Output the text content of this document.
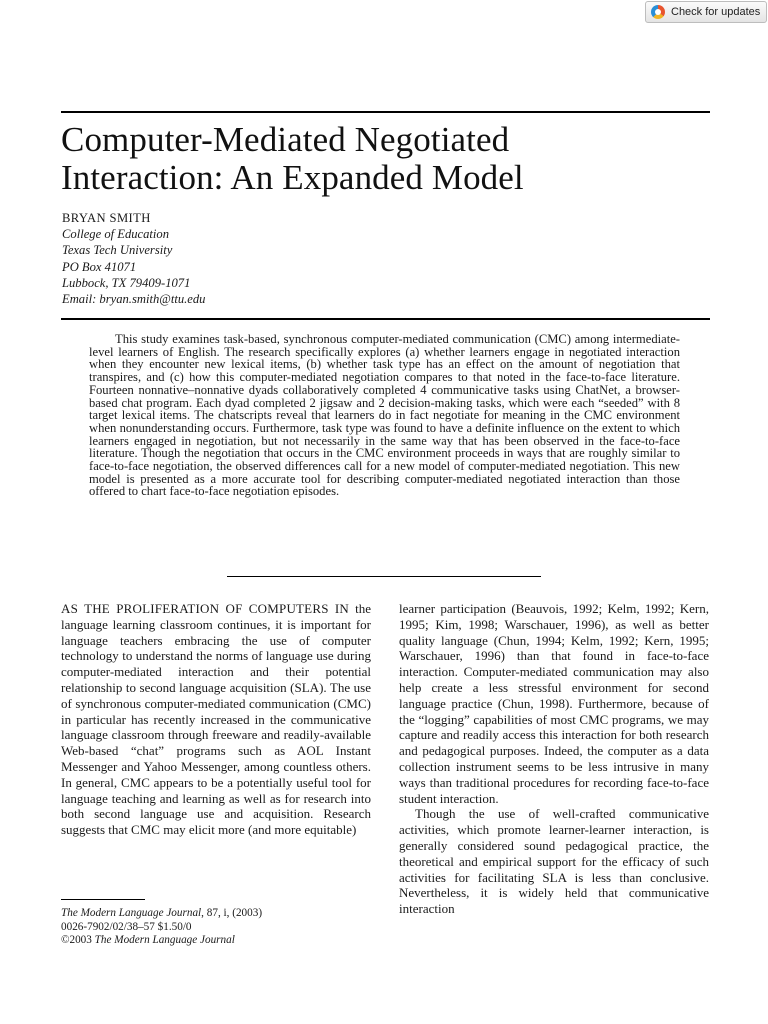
Check for updates
Computer-Mediated Negotiated
Interaction: An Expanded Model
BRYAN SMITH
College of Education
Texas Tech University
PO Box 41071
Lubbock, TX 79409-1071
Email: bryan.smith@ttu.edu

This study examines task-based, synchronous computer-mediated communication (CMC) among intermediate-level learners of English. The research specifically explores (a) whether learners engage in negotiated interaction when they encounter new lexical items, (b) whether task type has an effect on the amount of negotiation that transpires, and (c) how this computer-mediated negotiation compares to that noted in the face-to-face literature. Fourteen nonnative–nonnative dyads collaboratively completed 4 communicative tasks using ChatNet, a browser-based chat program. Each dyad completed 2 jigsaw and 2 decision-making tasks, which were each “seeded” with 8 target lexical items. The chatscripts reveal that learners do in fact negotiate for meaning in the CMC environment when nonunderstanding occurs. Furthermore, task type was found to have a definite influence on the extent to which learners engaged in negotiation, but not necessarily in the same way that has been observed in the face-to-face literature. Though the negotiation that occurs in the CMC environment proceeds in ways that are roughly similar to face-to-face negotiation, the observed differences call for a new model of computer-mediated negotiation. This new model is presented as a more accurate tool for describing computer-mediated negotiated interaction than those offered to chart face-to-face negotiation episodes.

AS THE PROLIFERATION OF COMPUTERS IN the language learning classroom continues, it is important for language teachers embracing the use of computer technology to understand the norms of language use during computer-mediated interaction and their potential relationship to second language acquisition (SLA). The use of synchronous computer-mediated communication (CMC) in particular has recently increased in the communicative language classroom through freeware and readily-available Web-based “chat” programs such as AOL Instant Messenger and Yahoo Messenger, among countless others. In general, CMC appears to be a potentially useful tool for language teaching and learning as well as for research into both second language use and acquisition. Research suggests that CMC may elicit more (and more equitable)

The Modern Language Journal, 87, i, (2003)
0026-7902/02/38–57 $1.50/0
©2003 The Modern Language Journal

learner participation (Beauvois, 1992; Kelm, 1992; Kern, 1995; Kim, 1998; Warschauer, 1996), as well as better quality language (Chun, 1994; Kelm, 1992; Kern, 1995; Warschauer, 1996) than that found in face-to-face interaction. Computer-mediated communication may also help create a less stressful environment for second language practice (Chun, 1998). Furthermore, because of the “logging” capabilities of most CMC programs, we may capture and readily access this interaction for both research and pedagogical purposes. Indeed, the computer as a data collection instrument seems to be less intrusive in many ways than traditional procedures for recording face-to-face student interaction.

Though the use of well-crafted communicative activities, which promote learner-learner interaction, is generally considered sound pedagogical practice, the theoretical and empirical support for the efficacy of such activities for facilitating SLA is less than conclusive. Nevertheless, it is widely held that communicative interaction
